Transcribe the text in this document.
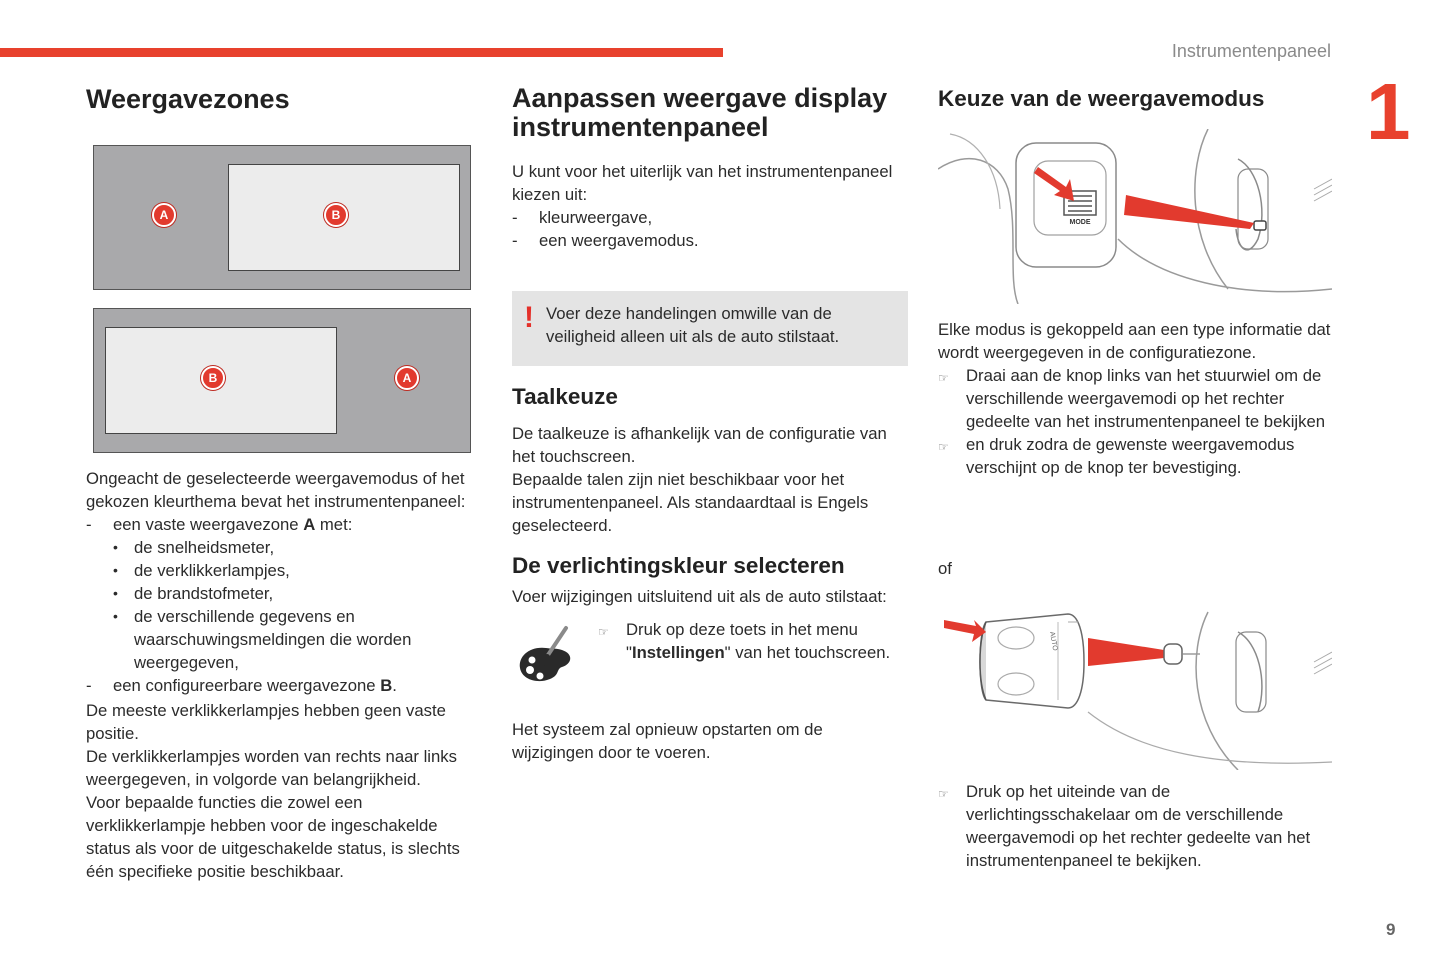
Instrumentenpaneel
1
9
Weergavezones
A	B
B	A

Ongeacht de geselecteerde weergavemodus of het gekozen kleurthema bevat het instrumentenpaneel:

- een vaste weergavezone A met:
• de snelheidsmeter,
• de verklikkerlampjes,
• de brandstofmeter,
• de verschillende gegevens en waarschuwingsmeldingen die worden weergegeven,
- een configureerbare weergavezone B.

De meeste verklikkerlampjes hebben geen vaste positie.

De verklikkerlampjes worden van rechts naar links weergegeven, in volgorde van belangrijkheid.

Voor bepaalde functies die zowel een verklikkerlampje hebben voor de ingeschakelde status als voor de uitgeschakelde status, is slechts één specifieke positie beschikbaar.

Aanpassen weergave display instrumentenpaneel

U kunt voor het uiterlijk van het instrumentenpaneel kiezen uit:

- kleurweergave,
- een weergavemodus.
! Voer deze handelingen omwille van de veiligheid alleen uit als de auto stilstaat.

Taalkeuze

De taalkeuze is afhankelijk van de configuratie van het touchscreen.

Bepaalde talen zijn niet beschikbaar voor het instrumentenpaneel. Als standaardtaal is Engels geselecteerd.

De verlichtingskleur selecteren

Voer wijzigingen uitsluitend uit als de auto stilstaat:

☞ Druk op deze toets in het menu "Instellingen" van het touchscreen.

Het systeem zal opnieuw opstarten om de wijzigingen door te voeren.

Keuze van de weergavemodus
MODE

Elke modus is gekoppeld aan een type informatie dat wordt weergegeven in de configuratiezone.

☞ Draai aan de knop links van het stuurwiel om de verschillende weergavemodi op het rechter gedeelte van het instrumentenpaneel te bekijken
☞ en druk zodra de gewenste weergavemodus verschijnt op de knop ter bevestiging.

of

AUTO
☞ Druk op het uiteinde van de verlichtingsschakelaar om de verschillende weergavemodi op het rechter gedeelte van het instrumentenpaneel te bekijken.
